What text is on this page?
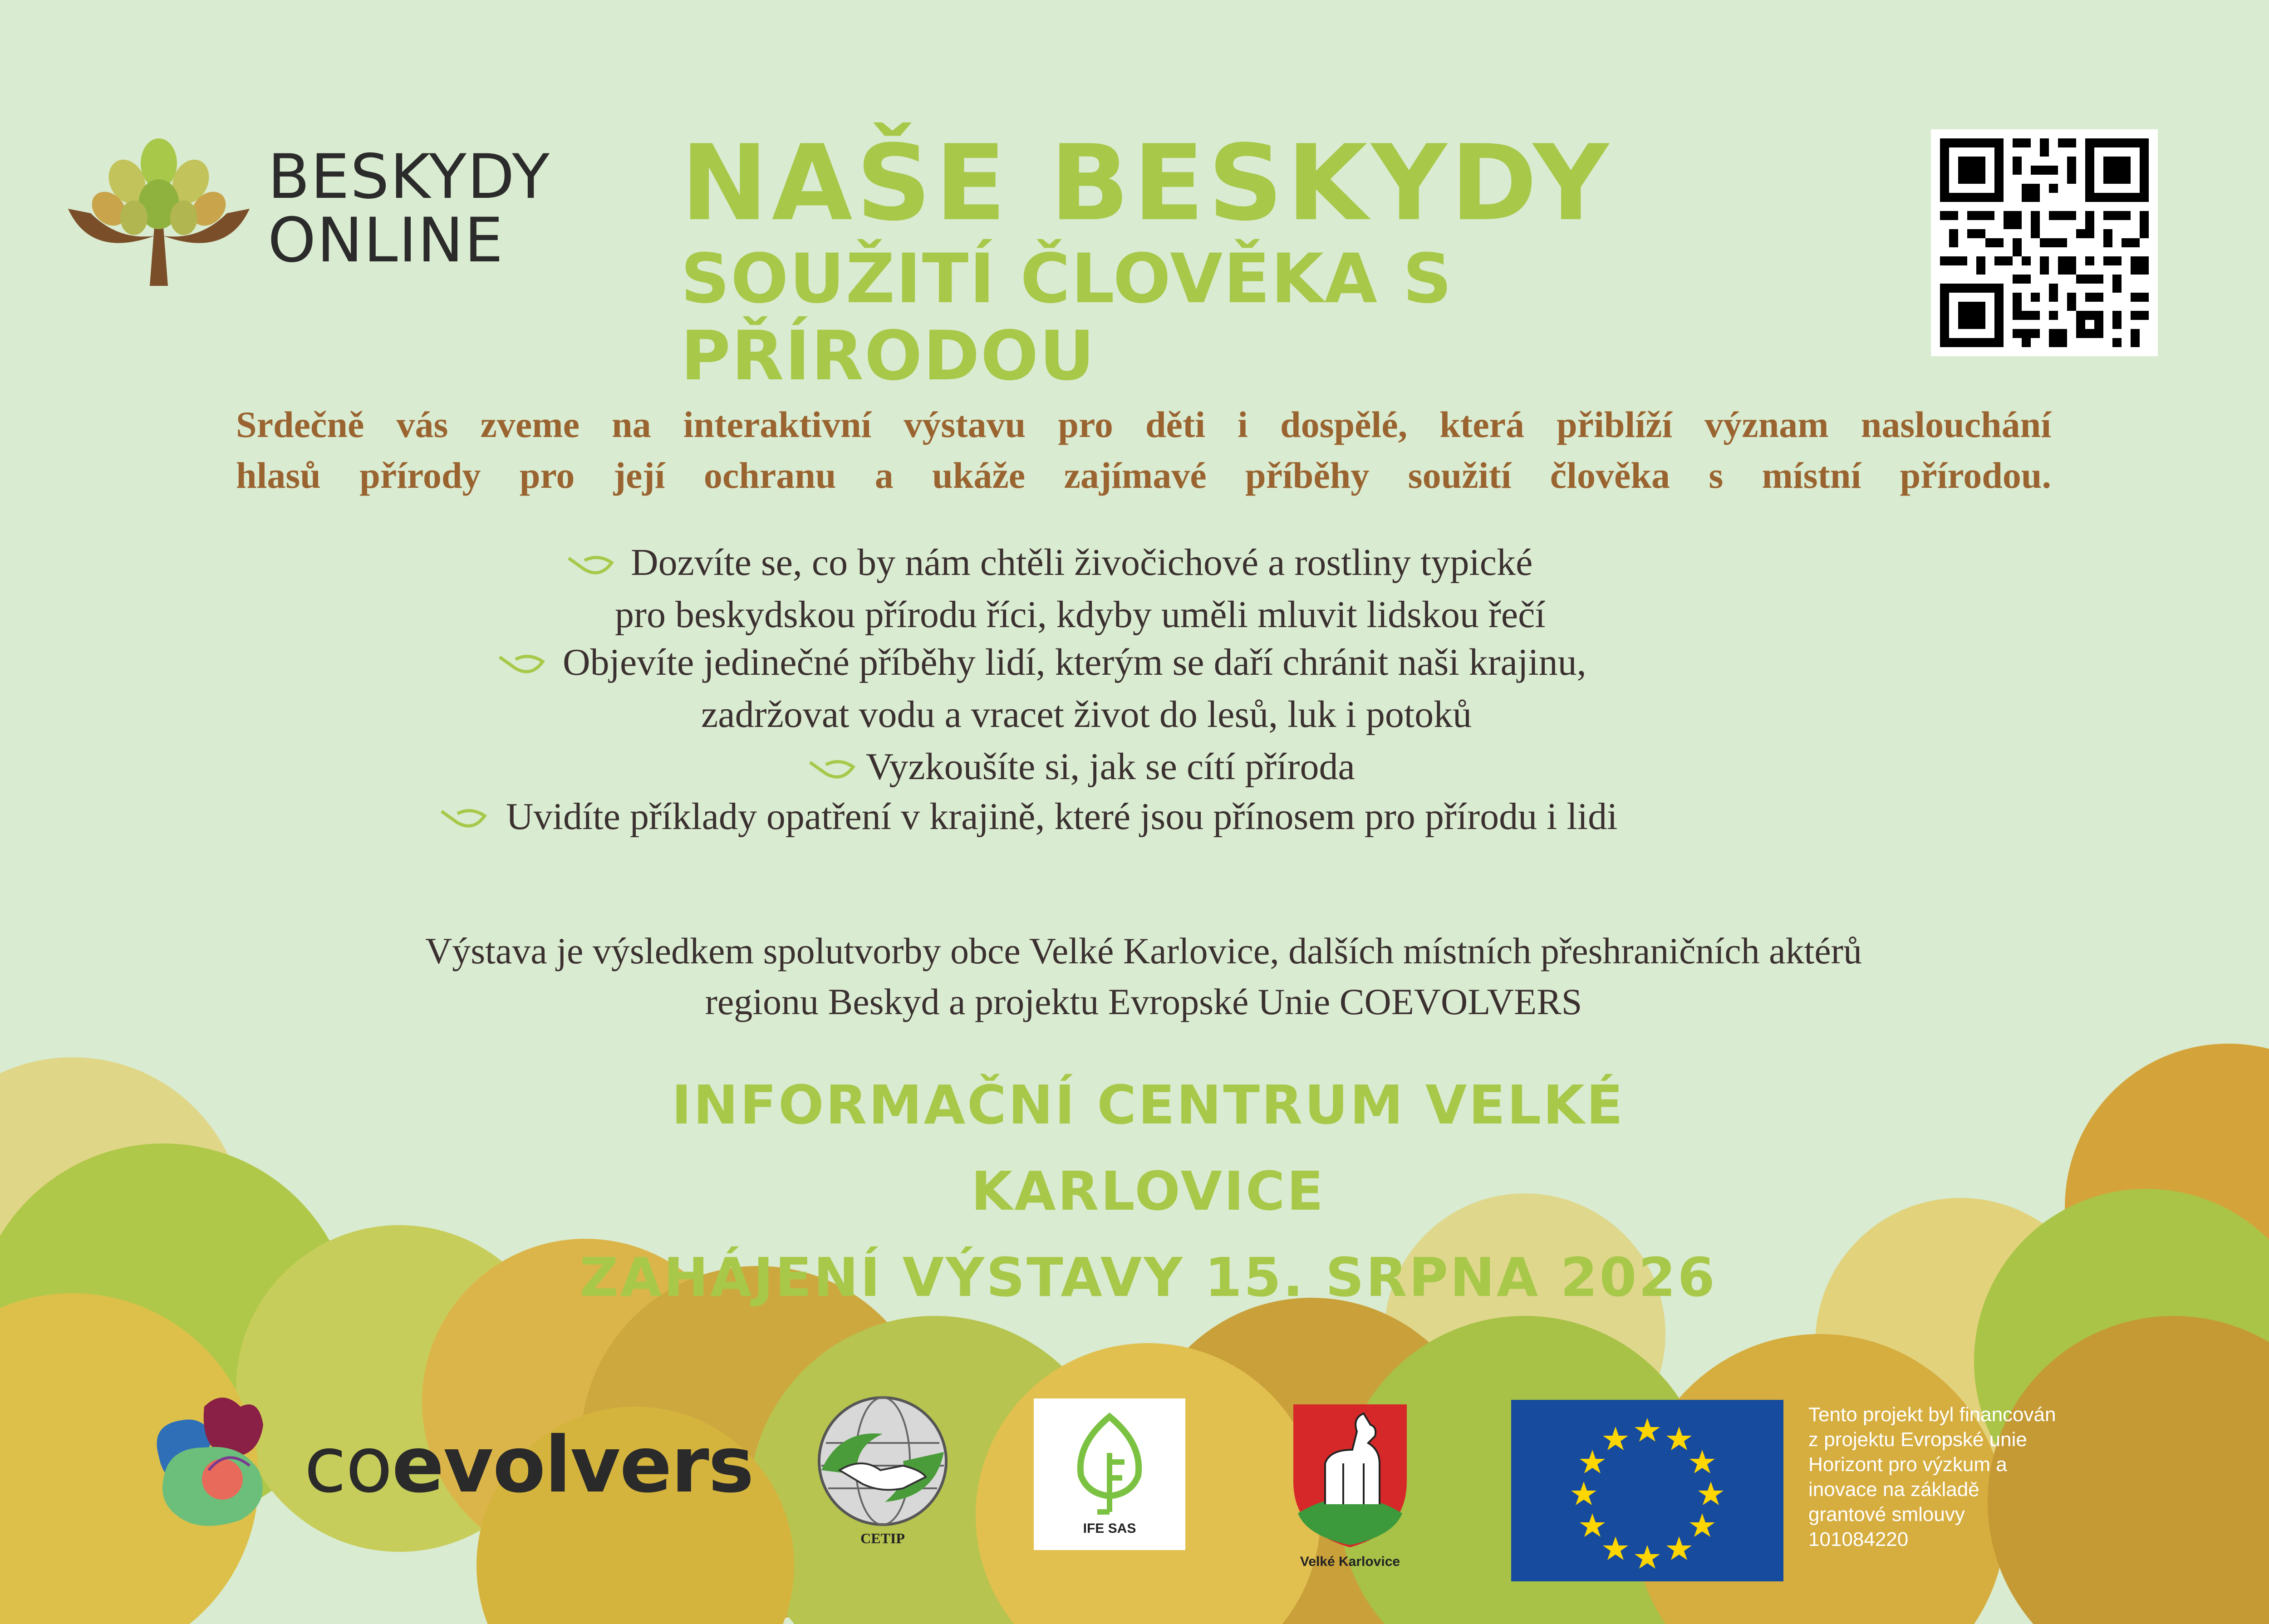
BESKYDY
ONLINE	NAŠE BESKYDY
SOUŽITÍ ČLOVĚKA S PŘÍRODOU
Srdečně vás zveme na interaktivní výstavu pro děti i dospělé, která přiblíží význam naslouchání
hlasů přírody pro její ochranu a ukáže zajímavé příběhy soužití člověka s místní přírodou.
Dozvíte se, co by nám chtěli živočichové a rostliny typické
pro beskydskou přírodu říci, kdyby uměli mluvit lidskou řečí
Objevíte jedinečné příběhy lidí, kterým se daří chránit naši krajinu,
zadržovat vodu a vracet život do lesů, luk i potoků
Vyzkoušíte si, jak se cítí příroda
Uvidíte příklady opatření v krajině, které jsou přínosem pro přírodu i lidi
Výstava je výsledkem spolutvorby obce Velké Karlovice, dalších místních přeshraničních aktérů
regionu Beskyd a projektu Evropské Unie COEVOLVERS
INFORMAČNÍ CENTRUM VELKÉ KARLOVICE
ZAHÁJENÍ VÝSTAVY 15. SRPNA 2026
coevolvers
CETIP
IFE SAS
Velké Karlovice
Tento projekt byl financován
z projektu Evropské unie
Horizont pro výzkum a
inovace na základě
grantové smlouvy
101084220
